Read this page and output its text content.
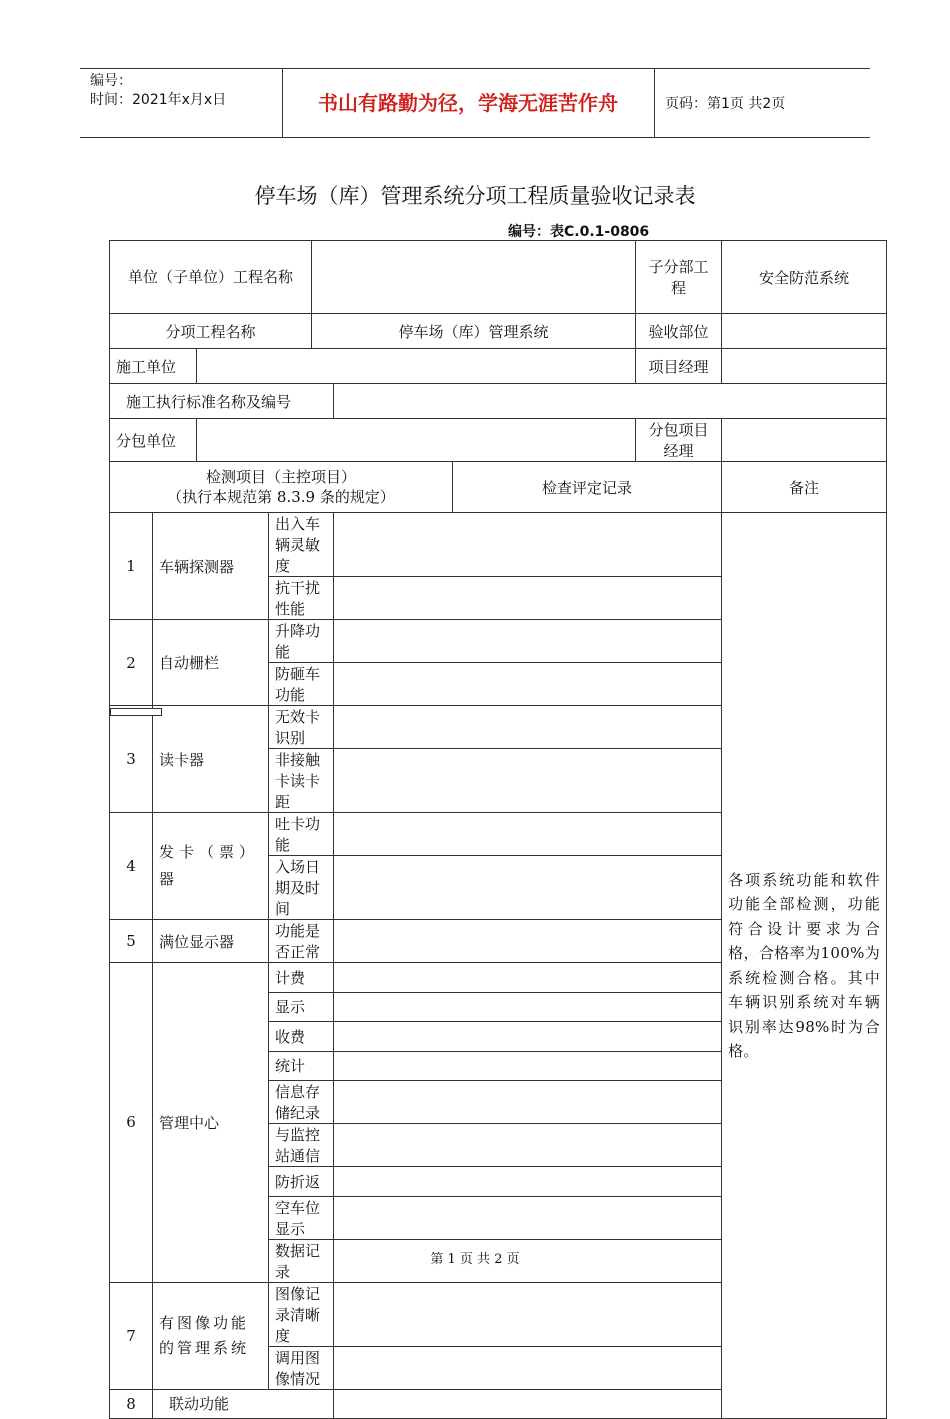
编号：
时间：2021年x月x日	书山有路勤为径，学海无涯苦作舟	页码：第1页 共2页
停车场（库）管理系统分项工程质量验收记录表
编号：表C.0.1-0806
单位（子单位）工程名称							子分部工程	安全防范系统
分项工程名称				停车场（库）管理系统			验收部位	
施工单位							项目经理	
施工执行标准名称及编号								
分包单位							分包项目经理	

检测项目（主控项目）
（执行本规范第 8.3.9 条的规定）						检查评定记录		备注
1	车辆探测器		出入车辆灵敏度					各项系统功能和软件功能全部检测，功能符合设计要求为合格，合格率为100%为系统检测合格。其中车辆识别系统对车辆识别率达98%时为合格。
			抗干扰性能					
2	自动栅栏		升降功能					
			防砸车功能					
3	读卡器		无效卡识别					
			非接触卡读卡距					
4	发卡（票）器		吐卡功能					
			入场日期及时间					
5	满位显示器		功能是否正常					
6	管理中心		计费					
			显示					
			收费					
			统计					
			信息存储纪录					
			与监控站通信					
			防折返					
			空车位显示					
			数据记录					
7	有图像功能的管理系统		图像记录清晰度					
			调用图像情况					
8	联动功能							
第 1 页 共 2 页
